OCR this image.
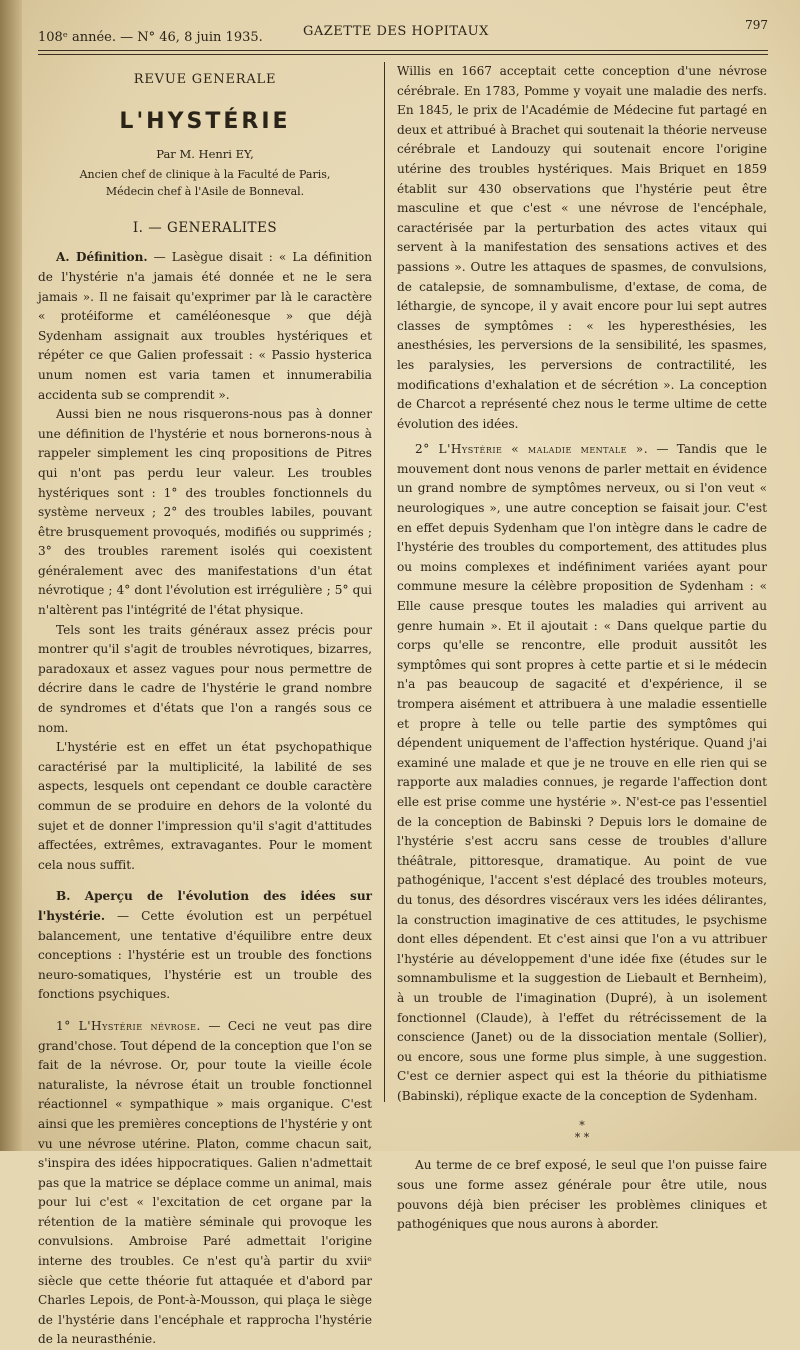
108ᵉ année. — N° 46, 8 juin 1935.	GAZETTE DES HOPITAUX	797

REVUE GENERALE

L'HYSTÉRIE

Par M. Henri EY,

Ancien chef de clinique à la Faculté de Paris,

Médecin chef à l'Asile de Bonneval.

I. — GENERALITES

A. Définition. — Lasègue disait : « La définition de l'hystérie n'a jamais été donnée et ne le sera jamais ». Il ne faisait qu'exprimer par là le caractère « protéiforme et caméléonesque » que déjà Sydenham assignait aux troubles hystériques et répéter ce que Galien professait : « Passio hysterica unum nomen est varia tamen et innumerabilia accidenta sub se comprendit ».

Aussi bien ne nous risquerons-nous pas à donner une définition de l'hystérie et nous bornerons-nous à rappeler simplement les cinq propositions de Pitres qui n'ont pas perdu leur valeur. Les troubles hystériques sont : 1° des troubles fonctionnels du système nerveux ; 2° des troubles labiles, pouvant être brusquement provoqués, modifiés ou supprimés ; 3° des troubles rarement isolés qui coexistent généralement avec des manifestations d'un état névrotique ; 4° dont l'évolution est irrégulière ; 5° qui n'altèrent pas l'intégrité de l'état physique.

Tels sont les traits généraux assez précis pour montrer qu'il s'agit de troubles névrotiques, bizarres, paradoxaux et assez vagues pour nous permettre de décrire dans le cadre de l'hystérie le grand nombre de syndromes et d'états que l'on a rangés sous ce nom.

L'hystérie est en effet un état psychopathique caractérisé par la multiplicité, la labilité de ses aspects, lesquels ont cependant ce double caractère commun de se produire en dehors de la volonté du sujet et de donner l'impression qu'il s'agit d'attitudes affectées, extrêmes, extravagantes. Pour le moment cela nous suffit.

B. Aperçu de l'évolution des idées sur l'hystérie. — Cette évolution est un perpétuel balancement, une tentative d'équilibre entre deux conceptions : l'hystérie est un trouble des fonctions neuro-somatiques, l'hystérie est un trouble des fonctions psychiques.

1° L'Hystérie névrose. — Ceci ne veut pas dire grand'chose. Tout dépend de la conception que l'on se fait de la névrose. Or, pour toute la vieille école naturaliste, la névrose était un trouble fonctionnel réactionnel « sympathique » mais organique. C'est ainsi que les premières conceptions de l'hystérie y ont vu une névrose utérine. Platon, comme chacun sait, s'inspira des idées hippocratiques. Galien n'admettait pas que la matrice se déplace comme un animal, mais pour lui c'est « l'excitation de cet organe par la rétention de la matière séminale qui provoque les convulsions. Ambroise Paré admettait l'origine interne des troubles. Ce n'est qu'à partir du xviiᵉ siècle que cette théorie fut attaquée et d'abord par Charles Lepois, de Pont-à-Mousson, qui plaça le siège de l'hystérie dans l'encéphale et rapprocha l'hystérie de la neurasthénie.

Willis en 1667 acceptait cette conception d'une névrose cérébrale. En 1783, Pomme y voyait une maladie des nerfs. En 1845, le prix de l'Académie de Médecine fut partagé en deux et attribué à Brachet qui soutenait la théorie nerveuse cérébrale et Landouzy qui soutenait encore l'origine utérine des troubles hystériques. Mais Briquet en 1859 établit sur 430 observations que l'hystérie peut être masculine et que c'est « une névrose de l'encéphale, caractérisée par la perturbation des actes vitaux qui servent à la manifestation des sensations actives et des passions ». Outre les attaques de spasmes, de convulsions, de catalepsie, de somnambulisme, d'extase, de coma, de léthargie, de syncope, il y avait encore pour lui sept autres classes de symptômes : « les hyperesthésies, les anesthésies, les perversions de la sensibilité, les spasmes, les paralysies, les perversions de contractilité, les modifications d'exhalation et de sécrétion ». La conception de Charcot a représenté chez nous le terme ultime de cette évolution des idées.

2° L'Hystérie « maladie mentale ». — Tandis que le mouvement dont nous venons de parler mettait en évidence un grand nombre de symptômes nerveux, ou si l'on veut « neurologiques », une autre conception se faisait jour. C'est en effet depuis Sydenham que l'on intègre dans le cadre de l'hystérie des troubles du comportement, des attitudes plus ou moins complexes et indéfiniment variées ayant pour commune mesure la célèbre proposition de Sydenham : « Elle cause presque toutes les maladies qui arrivent au genre humain ». Et il ajoutait : « Dans quelque partie du corps qu'elle se rencontre, elle produit aussitôt les symptômes qui sont propres à cette partie et si le médecin n'a pas beaucoup de sagacité et d'expérience, il se trompera aisément et attribuera à une maladie essentielle et propre à telle ou telle partie des symptômes qui dépendent uniquement de l'affection hystérique. Quand j'ai examiné une malade et que je ne trouve en elle rien qui se rapporte aux maladies connues, je regarde l'affection dont elle est prise comme une hystérie ». N'est-ce pas l'essentiel de la conception de Babinski ? Depuis lors le domaine de l'hystérie s'est accru sans cesse de troubles d'allure théâtrale, pittoresque, dramatique. Au point de vue pathogénique, l'accent s'est déplacé des troubles moteurs, du tonus, des désordres viscéraux vers les idées délirantes, la construction imaginative de ces attitudes, le psychisme dont elles dépendent. Et c'est ainsi que l'on a vu attribuer l'hystérie au développement d'une idée fixe (études sur le somnambulisme et la suggestion de Liebault et Bernheim), à un trouble de l'imagination (Dupré), à un isolement fonctionnel (Claude), à l'effet du rétrécissement de la conscience (Janet) ou de la dissociation mentale (Sollier), ou encore, sous une forme plus simple, à une suggestion. C'est ce dernier aspect qui est la théorie du pithiatisme (Babinski), réplique exacte de la conception de Sydenham.

*
* *

Au terme de ce bref exposé, le seul que l'on puisse faire sous une forme assez générale pour être utile, nous pouvons déjà bien préciser les problèmes cliniques et pathogéniques que nous aurons à aborder.
